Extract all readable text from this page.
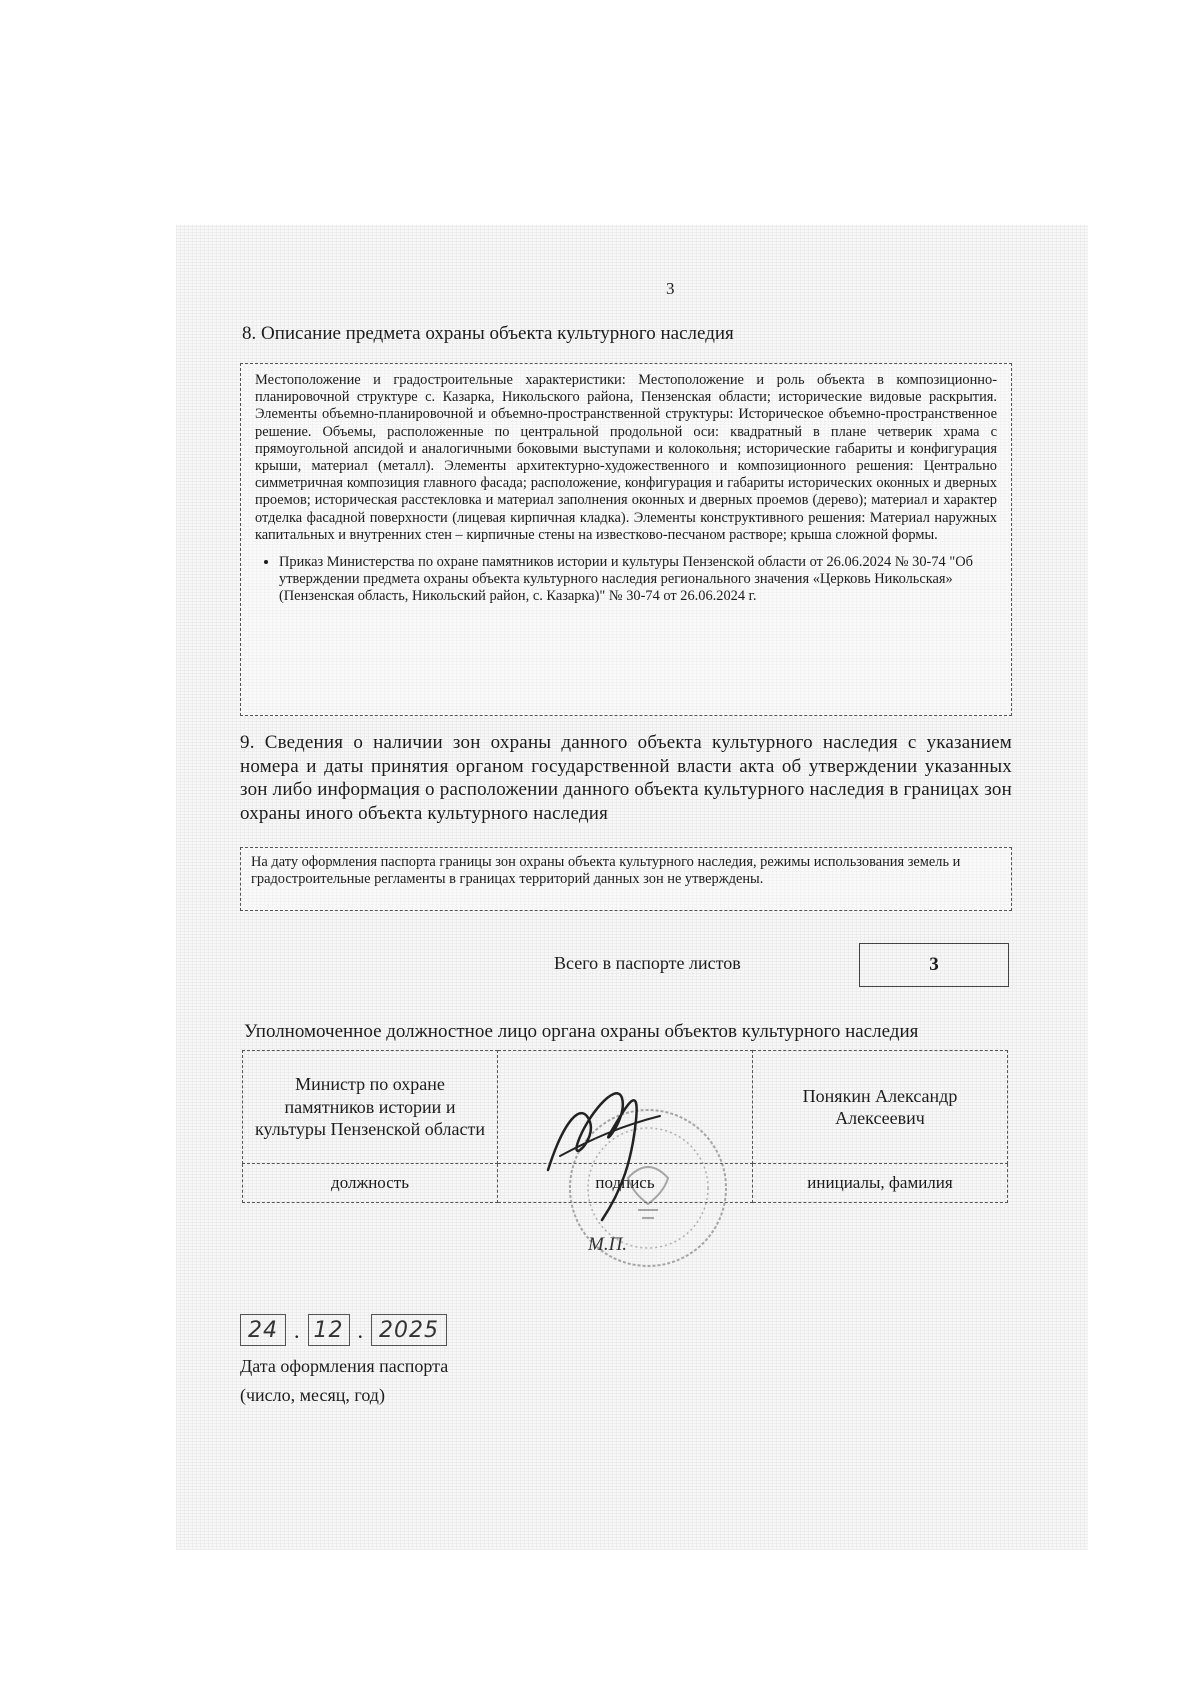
3
8. Описание предмета охраны объекта культурного наследия

Местоположение и градостроительные характеристики: Местоположение и роль объекта в композиционно-планировочной структуре с. Казарка, Никольского района, Пензенская области; исторические видовые раскрытия. Элементы объемно-планировочной и объемно-пространственной структуры: Историческое объемно-пространственное решение. Объемы, расположенные по центральной продольной оси: квадратный в плане четверик храма с прямоугольной апсидой и аналогичными боковыми выступами и колокольня; исторические габариты и конфигурация крыши, материал (металл). Элементы архитектурно-художественного и композиционного решения: Центрально симметричная композиция главного фасада; расположение, конфигурация и габариты исторических оконных и дверных проемов; историческая расстекловка и материал заполнения оконных и дверных проемов (дерево); материал и характер отделка фасадной поверхности (лицевая кирпичная кладка). Элементы конструктивного решения: Материал наружных капитальных и внутренних стен – кирпичные стены на известково-песчаном растворе; крыша сложной формы.

• Приказ Министерства по охране памятников истории и культуры Пензенской области от 26.06.2024 № 30-74 "Об утверждении предмета охраны объекта культурного наследия регионального значения «Церковь Никольская» (Пензенская область, Никольский район, с. Казарка)" № 30-74 от 26.06.2024 г.

9. Сведения о наличии зон охраны данного объекта культурного наследия с указанием номера и даты принятия органом государственной власти акта об утверждении указанных зон либо информация о расположении данного объекта культурного наследия в границах зон охраны иного объекта культурного наследия

На дату оформления паспорта границы зон охраны объекта культурного наследия, режимы использования земель и градостроительные регламенты в границах территорий данных зон не утверждены.

Всего в паспорте листов	3
Уполномоченное должностное лицо органа охраны объектов культурного наследия
Министр по охране памятников истории и культуры Пензенской области		Понякин Александр Алексеевич
должность	подпись	инициалы, фамилия
М.П.
24 . 12 . 2025
Дата оформления паспорта
(число, месяц, год)
